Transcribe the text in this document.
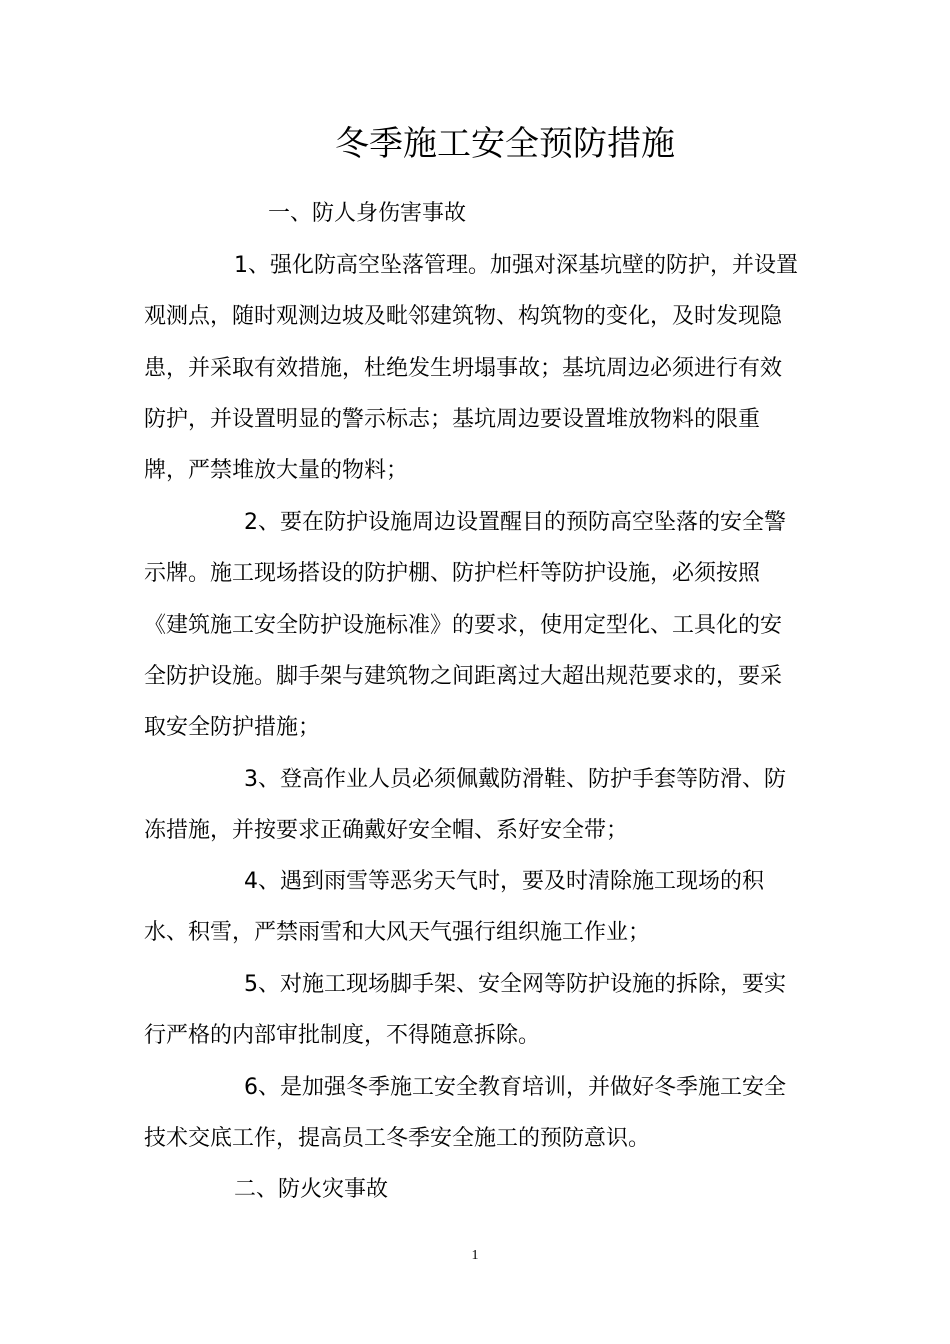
冬季施工安全预防措施
一、防人身伤害事故
1、强化防高空坠落管理。加强对深基坑壁的防护，并设置
观测点，随时观测边坡及毗邻建筑物、构筑物的变化，及时发现隐
患，并采取有效措施，杜绝发生坍塌事故；基坑周边必须进行有效
防护，并设置明显的警示标志；基坑周边要设置堆放物料的限重
牌，严禁堆放大量的物料；
2、要在防护设施周边设置醒目的预防高空坠落的安全警
示牌。施工现场搭设的防护棚、防护栏杆等防护设施，必须按照
《建筑施工安全防护设施标准》的要求，使用定型化、工具化的安
全防护设施。脚手架与建筑物之间距离过大超出规范要求的，要采
取安全防护措施；
3、登高作业人员必须佩戴防滑鞋、防护手套等防滑、防
冻措施，并按要求正确戴好安全帽、系好安全带；
4、遇到雨雪等恶劣天气时，要及时清除施工现场的积
水、积雪，严禁雨雪和大风天气强行组织施工作业；
5、对施工现场脚手架、安全网等防护设施的拆除，要实
行严格的内部审批制度，不得随意拆除。
6、是加强冬季施工安全教育培训，并做好冬季施工安全
技术交底工作，提高员工冬季安全施工的预防意识。
二、防火灾事故
1
